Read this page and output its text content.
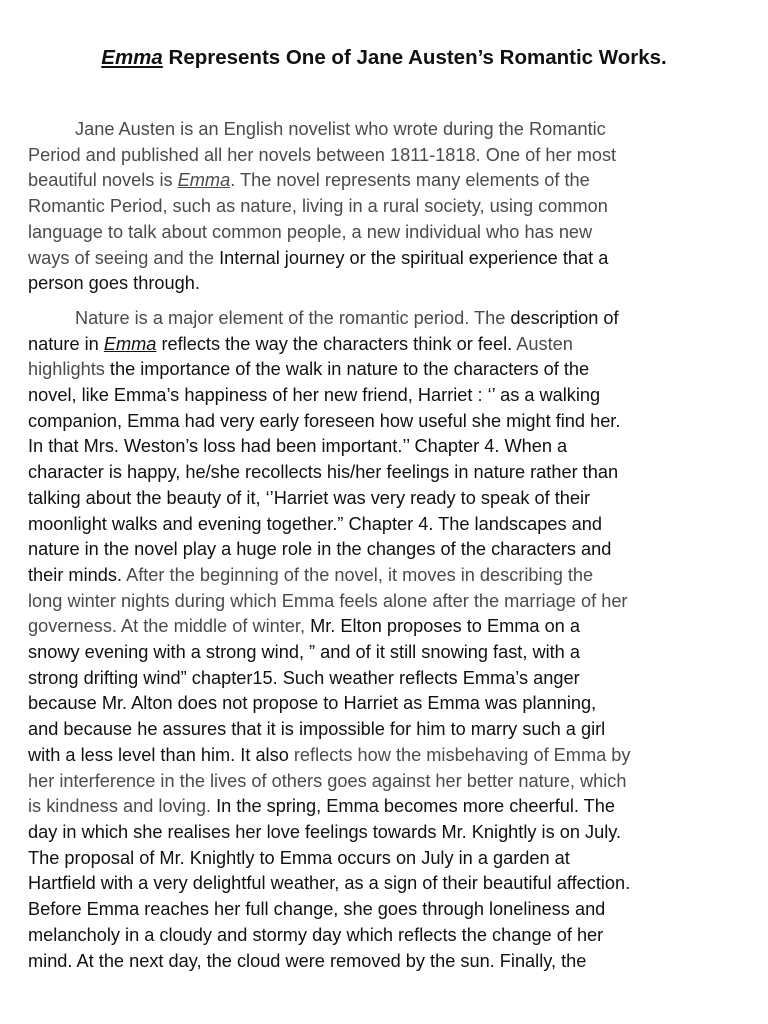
Emma Represents One of Jane Austen’s Romantic Works.

Jane Austen is an English novelist who wrote during the Romantic
Period and published all her novels between 1811-1818. One of her most
beautiful novels is Emma. The novel represents many elements of the
Romantic Period, such as nature, living in a rural society, using common
language to talk about common people, a new individual who has new
ways of seeing and the Internal journey or the spiritual experience that a
person goes through.

Nature is a major element of the romantic period. The description of
nature in Emma reflects the way the characters think or feel. Austen
highlights the importance of the walk in nature to the characters of the
novel, like Emma’s happiness of her new friend, Harriet : ‘’ as a walking
companion, Emma had very early foreseen how useful she might find her.
In that Mrs. Weston’s loss had been important.’’ Chapter 4. When a
character is happy, he/she recollects his/her feelings in nature rather than
talking about the beauty of it, ‘’Harriet was very ready to speak of their
moonlight walks and evening together.” Chapter 4. The landscapes and
nature in the novel play a huge role in the changes of the characters and
their minds. After the beginning of the novel, it moves in describing the
long winter nights during which Emma feels alone after the marriage of her
governess. At the middle of winter, Mr. Elton proposes to Emma on a
snowy evening with a strong wind, ” and of it still snowing fast, with a
strong drifting wind” chapter15. Such weather reflects Emma’s anger
because Mr. Alton does not propose to Harriet as Emma was planning,
and because he assures that it is impossible for him to marry such a girl
with a less level than him. It also reflects how the misbehaving of Emma by
her interference in the lives of others goes against her better nature, which
is kindness and loving. In the spring, Emma becomes more cheerful. The
day in which she realises her love feelings towards Mr. Knightly is on July.
The proposal of Mr. Knightly to Emma occurs on July in a garden at
Hartfield with a very delightful weather, as a sign of their beautiful affection.
Before Emma reaches her full change, she goes through loneliness and
melancholy in a cloudy and stormy day which reflects the change of her
mind. At the next day, the cloud were removed by the sun. Finally, the
